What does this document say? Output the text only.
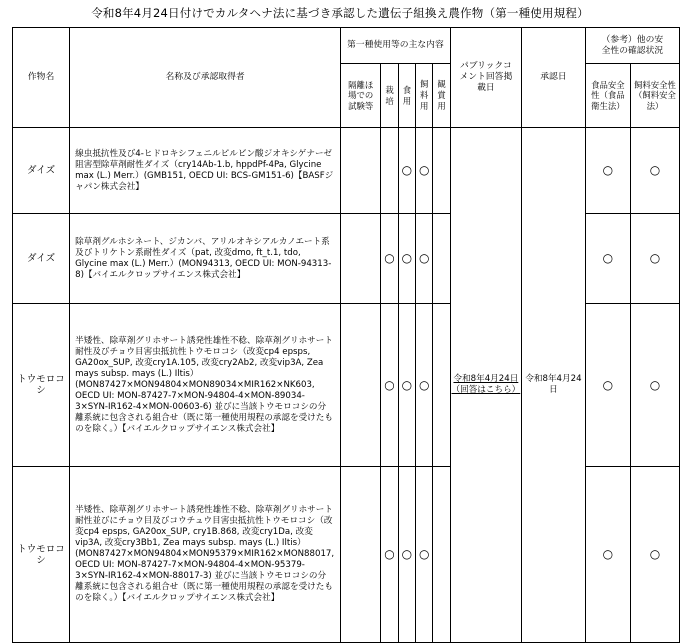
令和8年4月24日付けでカルタヘナ法に基づき承認した遺伝子組換え農作物（第一種使用規程）
作物名	名称及び承認取得者	第一種使用等の主な内容					パブリックコメント回答掲載日	承認日	（参考）他の安全性の確認状況	

		隔離ほ場での試験等	栽培	食用	飼料用	観賞用			食品安全性（食品衛生法）	飼料安全性（飼料安全法）

ダイズ	線虫抵抗性及び4-ヒドロキシフェニルピルビン酸ジオキシゲナーゼ阻害型除草剤耐性ダイズ（cry14Ab-1.b, hppdPf-4Pa, Glycine max (L.) Merr.）(GMB151, OECD UI: BCS-GM151-6)【BASFジャパン株式会社】			○	○		令和8年4月24日（回答はこちら）	令和8年4月24日	○	○
ダイズ	除草剤グルホシネート、ジカンバ、アリルオキシアルカノエート系及びトリケトン系耐性ダイズ（pat, 改変dmo, ft_t.1, tdo, Glycine max (L.) Merr.）(MON94313, OECD UI: MON-94313-8)【バイエルクロップサイエンス株式会社】		○	○	○				○	○
トウモロコシ	半矮性、除草剤グリホサート誘発性雄性不稔、除草剤グリホサート耐性及びチョウ目害虫抵抗性トウモロコシ（改変cp4 epsps, GA20ox_SUP, 改変cry1A.105, 改変cry2Ab2, 改変vip3A, Zea mays subsp. mays (L.) Iltis）(MON87427×MON94804×MON89034×MIR162×NK603, OECD UI: MON-87427-7×MON-94804-4×MON-89034-3×SYN-IR162-4×MON-00603-6) 並びに当該トウモロコシの分離系統に包含される組合せ（既に第一種使用規程の承認を受けたものを除く。）【バイエルクロップサイエンス株式会社】		○	○	○				○	○
トウモロコシ	半矮性、除草剤グリホサート誘発性雄性不稔、除草剤グリホサート耐性並びにチョウ目及びコウチュウ目害虫抵抗性トウモロコシ（改変cp4 epsps, GA20ox_SUP, cry1B.868, 改変cry1Da, 改変vip3A, 改変cry3Bb1, Zea mays subsp. mays (L.) Iltis）(MON87427×MON94804×MON95379×MIR162×MON88017, OECD UI: MON-87427-7×MON-94804-4×MON-95379-3×SYN-IR162-4×MON-88017-3) 並びに当該トウモロコシの分離系統に包含される組合せ（既に第一種使用規程の承認を受けたものを除く。）【バイエルクロップサイエンス株式会社】		○	○	○				○	○
